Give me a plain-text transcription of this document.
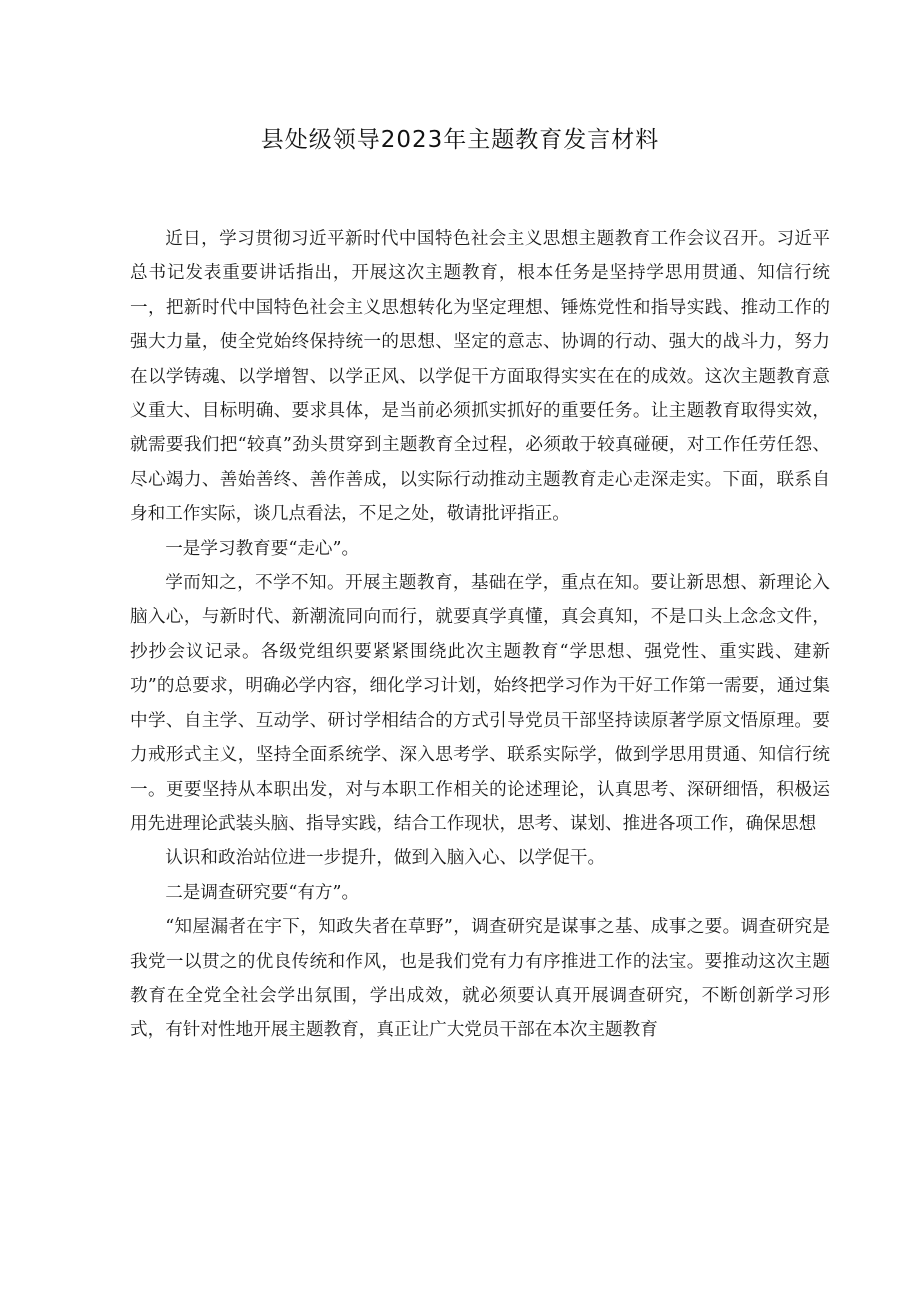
县处级领导2023年主题教育发言材料

近日，学习贯彻习近平新时代中国特色社会主义思想主题教育工作会议召开。习近平总书记发表重要讲话指出，开展这次主题教育，根本任务是坚持学思用贯通、知信行统一，把新时代中国特色社会主义思想转化为坚定理想、锤炼党性和指导实践、推动工作的强大力量，使全党始终保持统一的思想、坚定的意志、协调的行动、强大的战斗力，努力在以学铸魂、以学增智、以学正风、以学促干方面取得实实在在的成效。这次主题教育意义重大、目标明确、要求具体，是当前必须抓实抓好的重要任务。让主题教育取得实效，就需要我们把“较真”劲头贯穿到主题教育全过程，必须敢于较真碰硬，对工作任劳任怨、尽心竭力、善始善终、善作善成，以实际行动推动主题教育走心走深走实。下面，联系自身和工作实际，谈几点看法，不足之处，敬请批评指正。

一是学习教育要“走心”。

学而知之，不学不知。开展主题教育，基础在学，重点在知。要让新思想、新理论入脑入心，与新时代、新潮流同向而行，就要真学真懂，真会真知，不是口头上念念文件，抄抄会议记录。各级党组织要紧紧围绕此次主题教育“学思想、强党性、重实践、建新功”的总要求，明确必学内容，细化学习计划，始终把学习作为干好工作第一需要，通过集中学、自主学、互动学、研讨学相结合的方式引导党员干部坚持读原著学原文悟原理。要力戒形式主义，坚持全面系统学、深入思考学、联系实际学，做到学思用贯通、知信行统一。更要坚持从本职出发，对与本职工作相关的论述理论，认真思考、深研细悟，积极运用先进理论武装头脑、指导实践，结合工作现状，思考、谋划、推进各项工作，确保思想

认识和政治站位进一步提升，做到入脑入心、以学促干。

二是调查研究要“有方”。

“知屋漏者在宇下，知政失者在草野”，调查研究是谋事之基、成事之要。调查研究是我党一以贯之的优良传统和作风，也是我们党有力有序推进工作的法宝。要推动这次主题教育在全党全社会学出氛围，学出成效，就必须要认真开展调查研究，不断创新学习形式，有针对性地开展主题教育，真正让广大党员干部在本次主题教育
